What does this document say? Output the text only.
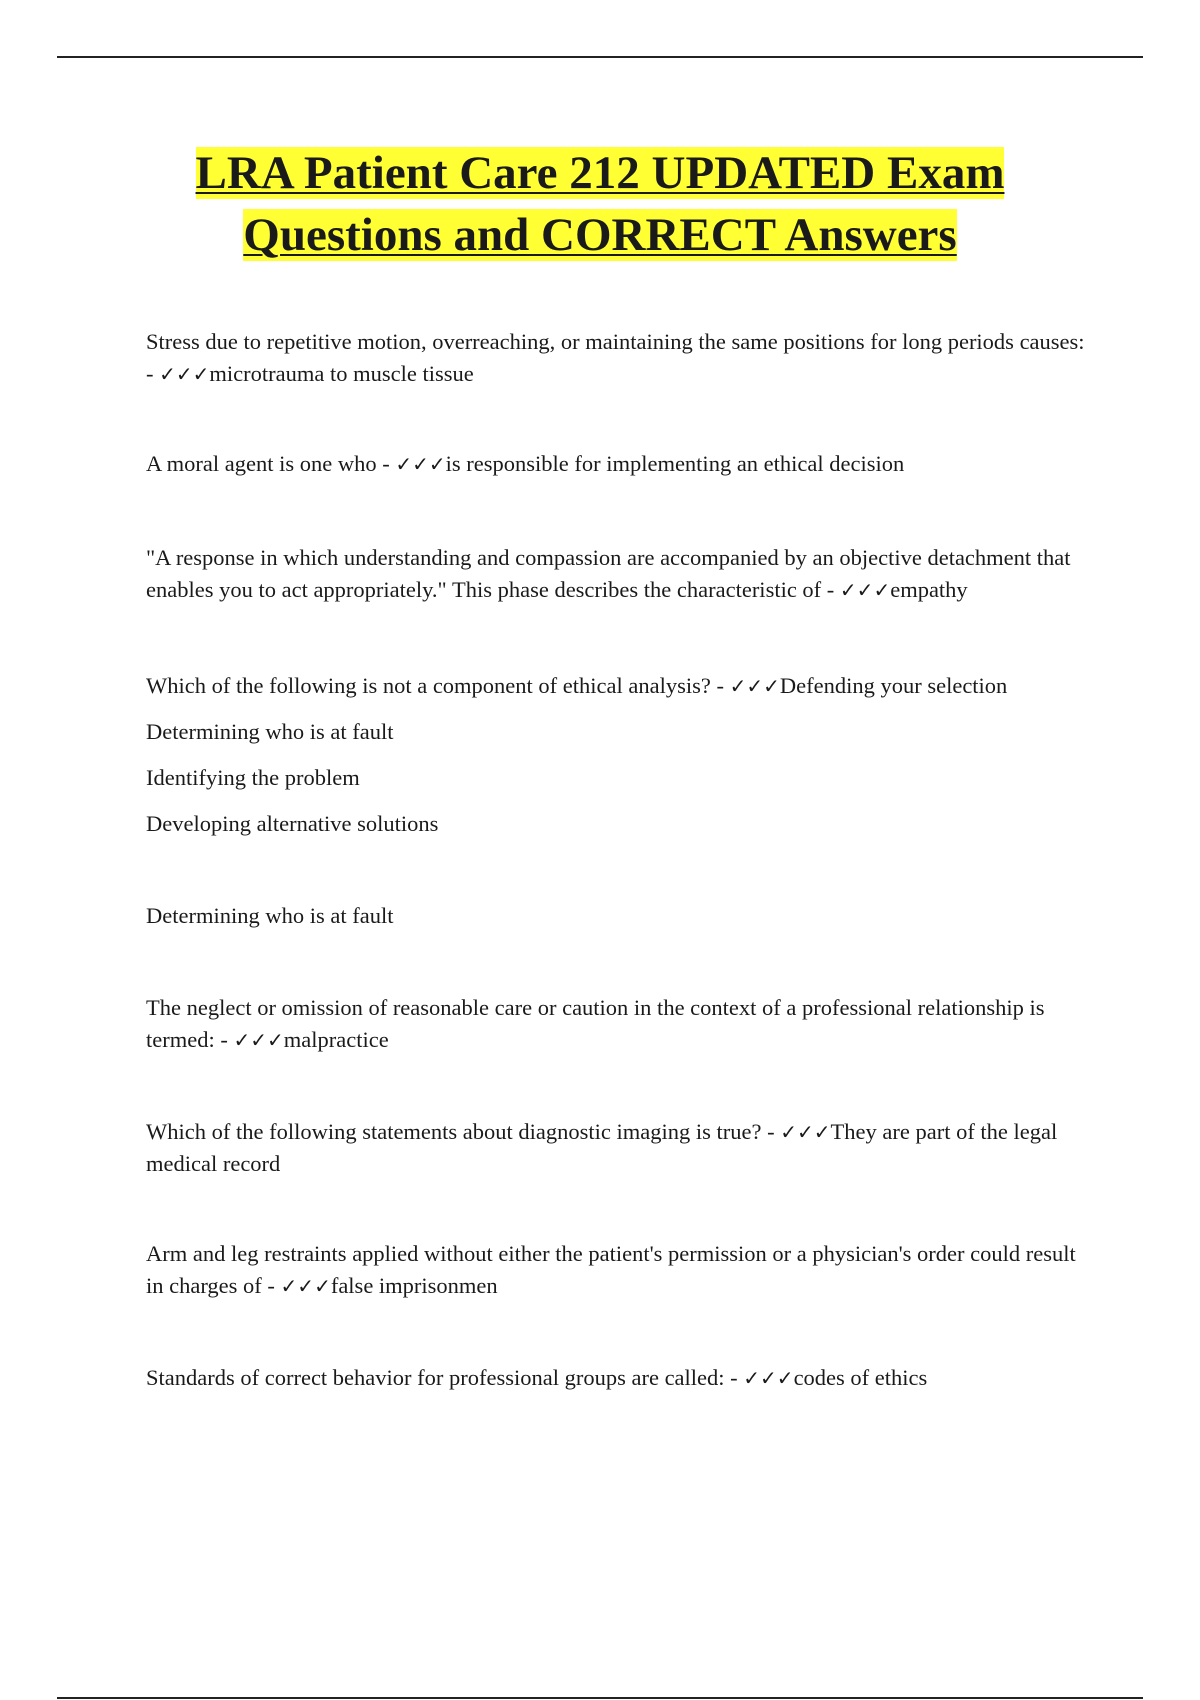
LRA Patient Care 212 UPDATED Exam
Questions and CORRECT Answers

Stress due to repetitive motion, overreaching, or maintaining the same positions for long periods causes: - ✓✓✓microtrauma to muscle tissue

A moral agent is one who - ✓✓✓is responsible for implementing an ethical decision

"A response in which understanding and compassion are accompanied by an objective detachment that enables you to act appropriately." This phase describes the characteristic of - ✓✓✓empathy

Which of the following is not a component of ethical analysis? - ✓✓✓Defending your selection

Determining who is at fault

Identifying the problem

Developing alternative solutions

Determining who is at fault

The neglect or omission of reasonable care or caution in the context of a professional relationship is termed: - ✓✓✓malpractice

Which of the following statements about diagnostic imaging is true? - ✓✓✓They are part of the legal medical record

Arm and leg restraints applied without either the patient's permission or a physician's order could result in charges of - ✓✓✓false imprisonmen

Standards of correct behavior for professional groups are called: - ✓✓✓codes of ethics
